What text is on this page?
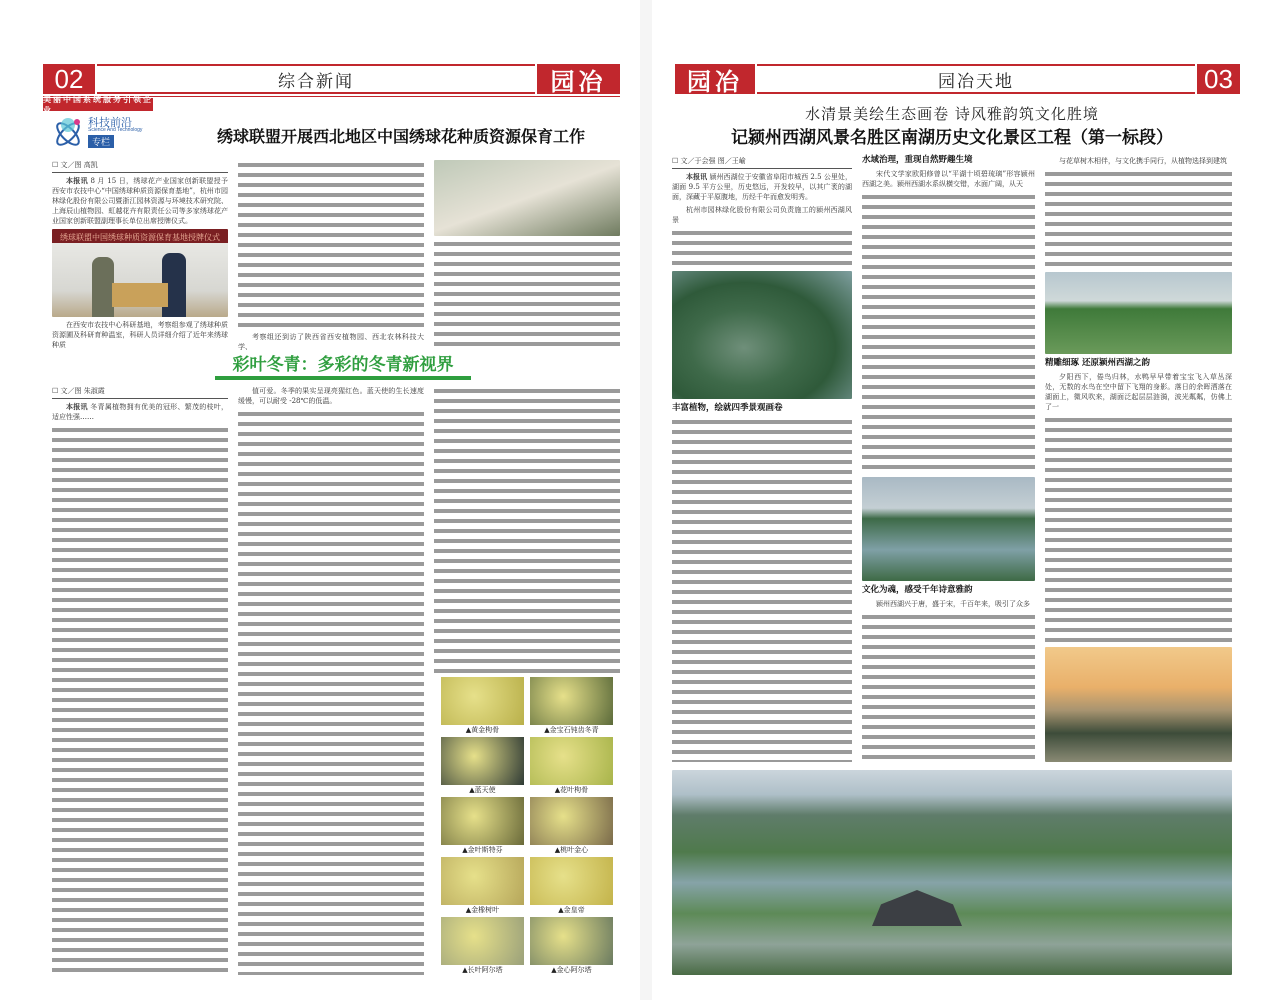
02	综合新闻	园冶
美丽中国系统服务引领企业
科技前沿
Science And Technology
专栏	绣球联盟开展西北地区中国绣球花种质资源保育工作
☐ 文／图 高凯
本报讯 8 月 15 日，绣球花产业国家创新联盟授予西安市农技中心“中国绣球种质资源保育基地”，杭州市园林绿化股份有限公司暨浙江园林资源与环境技术研究院、上海辰山植物园、虹越花卉有限责任公司等多家绣球花产业国家创新联盟副理事长单位出席授牌仪式。
绣球联盟中国绣球种质资源保育基地授牌仪式
在西安市农技中心科研基地，考察组参观了绣球种质资源圃及科研育种温室，科研人员详细介绍了近年来绣球种质
考察组还到访了陕西省西安植物园、西北农林科技大学、
彩叶冬青：多彩的冬青新视界
☐ 文／图 朱淑霞
本报讯 冬青属植物拥有优美的冠形、繁茂的枝叶，适应性强……
值可爱。冬季的果实呈现亮猩红色。蓝天使的生长速度缓慢，可以耐受 -28℃的低温。
▲黄金枸骨	▲金宝石钝齿冬青
▲蓝天使	▲花叶枸骨
▲金叶斯特芬	▲桃叶金心
▲金橡树叶	▲金皇帝
▲长叶阿尔塔	▲金心阿尔塔
园冶	园冶天地	03
水清景美绘生态画卷 诗风雅韵筑文化胜境
记颍州西湖风景名胜区南湖历史文化景区工程（第一标段）
☐ 文／于会强 图／王崳
本报讯 颍州西湖位于安徽省阜阳市城西 2.5 公里处，湖面 9.5 平方公里，历史悠远，开发较早，以其广袤的湖面，深藏于平原腹地，历经千年而愈发明秀。
杭州市园林绿化股份有限公司负责施工的颍州西湖风景
丰富植物，绘就四季景观画卷
水域治理，重现自然野趣生境
宋代文学家欧阳修曾以“平湖十顷碧琉璃”形容颍州西湖之美。颍州西湖水系纵横交错，水面广阔，从天
文化为魂，感受千年诗意雅韵
颍州西湖兴于唐，盛于宋，千百年来，吸引了众多
与花草树木相伴，与文化携手同行，从植物选择到建筑
精雕细琢 还原颍州西湖之韵
夕阳西下，倦鸟归林，水鸭早早带着宝宝飞入草丛深处，无数的水鸟在空中留下飞翔的身影。落日的余晖洒落在湖面上，微风吹来，湖面泛起层层涟漪，波光粼粼，仿佛上了一
